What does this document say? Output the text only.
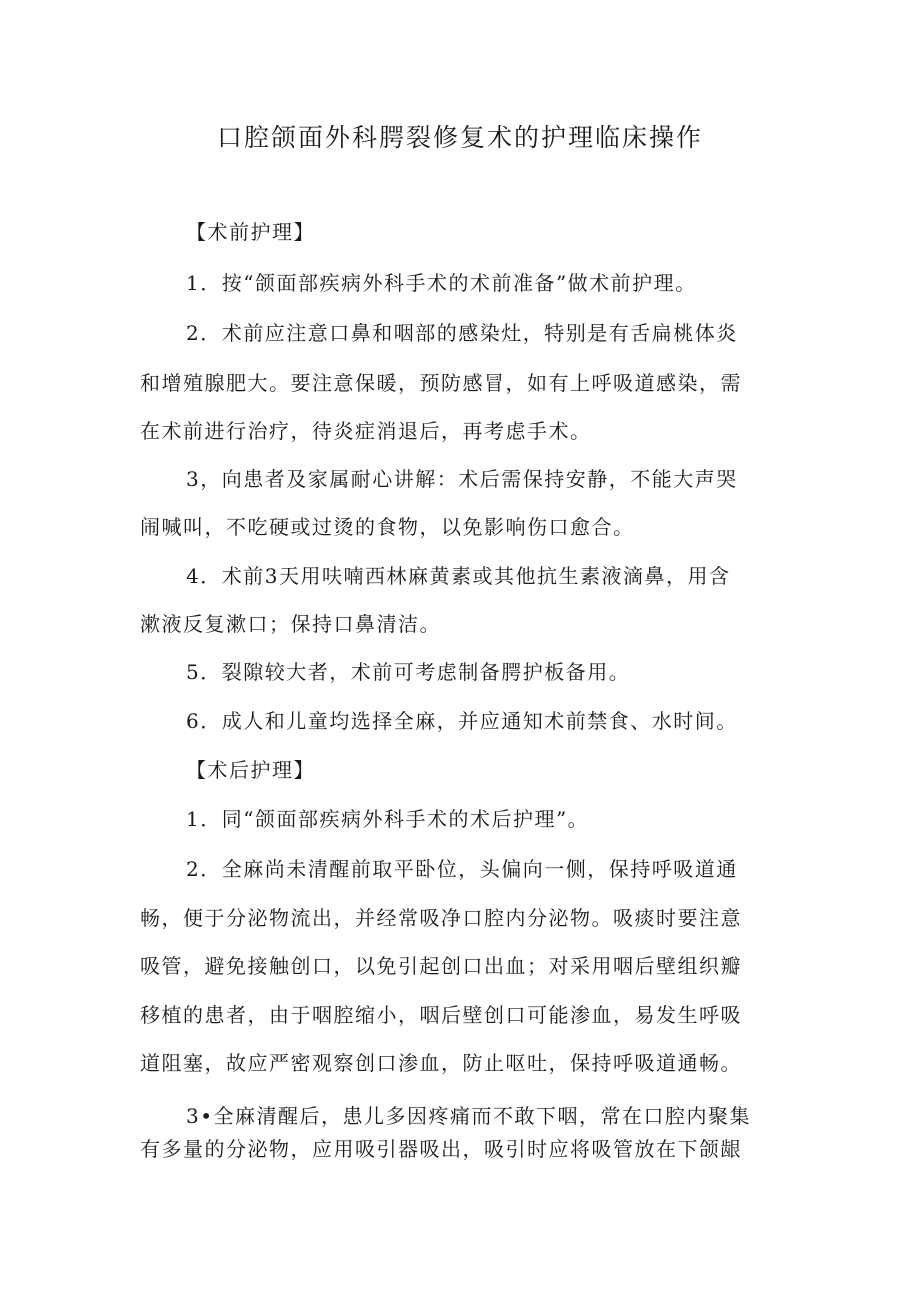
口腔颌面外科腭裂修复术的护理临床操作
【术前护理】
1．按“颌面部疾病外科手术的术前准备”做术前护理。
2．术前应注意口鼻和咽部的感染灶，特别是有舌扁桃体炎
和增殖腺肥大。要注意保暖，预防感冒，如有上呼吸道感染，需
在术前进行治疗，待炎症消退后，再考虑手术。
3，向患者及家属耐心讲解：术后需保持安静，不能大声哭
闹喊叫，不吃硬或过烫的食物，以免影响伤口愈合。
4．术前3天用呋喃西林麻黄素或其他抗生素液滴鼻，用含
漱液反复漱口；保持口鼻清洁。
5．裂隙较大者，术前可考虑制备腭护板备用。
6．成人和儿童均选择全麻，并应通知术前禁食、水时间。
【术后护理】
1．同“颌面部疾病外科手术的术后护理”。
2．全麻尚未清醒前取平卧位，头偏向一侧，保持呼吸道通
畅，便于分泌物流出，并经常吸净口腔内分泌物。吸痰时要注意
吸管，避免接触创口，以免引起创口出血；对采用咽后壁组织瓣
移植的患者，由于咽腔缩小，咽后壁创口可能渗血，易发生呼吸
道阻塞，故应严密观察创口渗血，防止呕吐，保持呼吸道通畅。
3•全麻清醒后，患儿多因疼痛而不敢下咽，常在口腔内聚集
有多量的分泌物，应用吸引器吸出，吸引时应将吸管放在下颌龈
